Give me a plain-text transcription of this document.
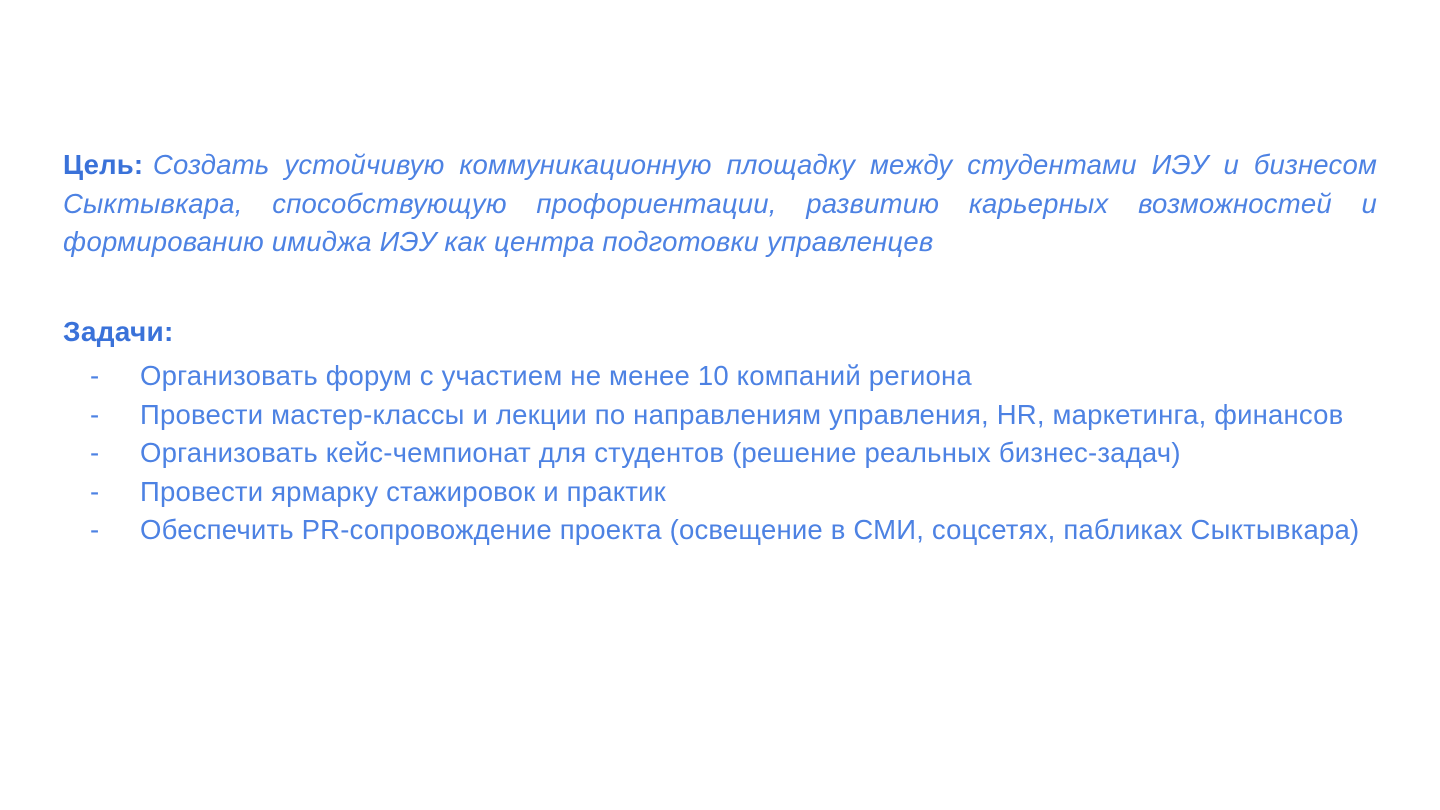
Цель: Создать устойчивую коммуникационную площадку между студентами ИЭУ и бизнесом Сыктывкара, способствующую профориентации, развитию карьерных возможностей и формированию имиджа ИЭУ как центра подготовки управленцев

Задачи:
- Организовать форум с участием не менее 10 компаний региона
- Провести мастер-классы и лекции по направлениям управления, HR, маркетинга, финансов
- Организовать кейс-чемпионат для студентов (решение реальных бизнес-задач)
- Провести ярмарку стажировок и практик
- Обеспечить PR-сопровождение проекта (освещение в СМИ, соцсетях, пабликах Сыктывкара)
